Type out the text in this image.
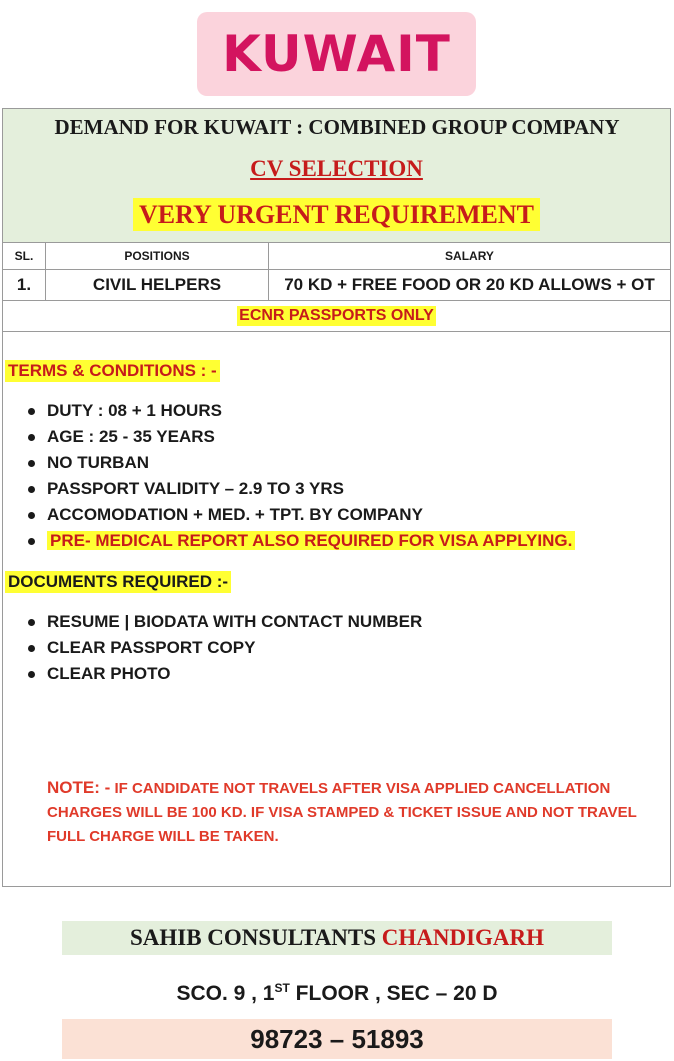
KUWAIT
DEMAND FOR KUWAIT : COMBINED GROUP COMPANY
CV SELECTION
VERY URGENT REQUIREMENT
SL.	POSITIONS	SALARY
1.	CIVIL HELPERS	70 KD + FREE FOOD OR 20 KD ALLOWS + OT
ECNR PASSPORTS ONLY
TERMS & CONDITIONS : -
DUTY : 08 + 1 HOURS
AGE : 25 - 35 YEARS
NO TURBAN
PASSPORT VALIDITY – 2.9 TO 3 YRS
ACCOMODATION + MED. + TPT. BY COMPANY
PRE- MEDICAL REPORT ALSO REQUIRED FOR VISA APPLYING.
DOCUMENTS REQUIRED :-
RESUME | BIODATA WITH CONTACT NUMBER
CLEAR PASSPORT COPY
CLEAR PHOTO
NOTE: - IF CANDIDATE NOT TRAVELS AFTER VISA APPLIED CANCELLATION CHARGES WILL BE 100 KD. IF VISA STAMPED & TICKET ISSUE AND NOT TRAVEL FULL CHARGE WILL BE TAKEN.
SAHIB CONSULTANTS CHANDIGARH
SCO. 9 , 1ST FLOOR , SEC – 20 D
98723 – 51893
